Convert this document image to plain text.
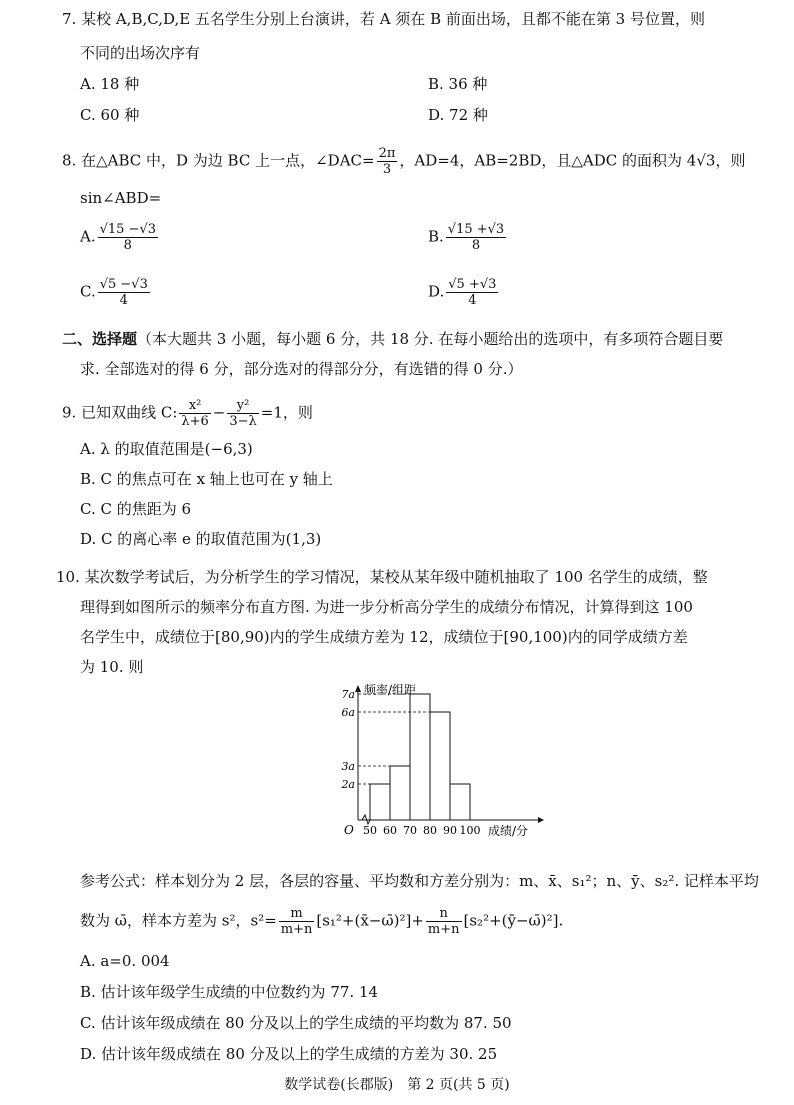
7. 某校 A,B,C,D,E 五名学生分别上台演讲，若 A 须在 B 前面出场，且都不能在第 3 号位置，则
不同的出场次序有
A. 18 种	B. 36 种
C. 60 种	D. 72 种
8. 在△ABC 中，D 为边 BC 上一点，∠DAC= $\frac{2\pi}{3}$ ，AD=4，AB=2BD，且△ADC 的面积为 4√3，则
sin∠ABD=
A. $\frac{√15 -√3}{8}$	B. $\frac{√15 +√3}{8}$
C. $\frac{√5 -√3}{4}$	D. $\frac{√5 +√3}{4}$
二、选择题（本大题共 3 小题，每小题 6 分，共 18 分. 在每小题给出的选项中，有多项符合题目要
求. 全部选对的得 6 分，部分选对的得部分分，有选错的得 0 分.）
9. 已知双曲线 C: $\frac{\text{x²}}{\lambda+6} - \frac{\text{y²}}{3-\lambda} =1$，则
A. λ 的取值范围是(−6,3)
B. C 的焦点可在 x 轴上也可在 y 轴上
C. C 的焦距为 6
D. C 的离心率 e 的取值范围为(1,3)
10. 某次数学考试后，为分析学生的学习情况，某校从某年级中随机抽取了 100 名学生的成绩，整
理得到如图所示的频率分布直方图. 为进一步分析高分学生的成绩分布情况，计算得到这 100
名学生中，成绩位于[80,90)内的学生成绩方差为 12，成绩位于[90,100)内的同学成绩方差
为 10. 则
2a
3a
6a
7a
50 60 70 80 90 100
频率/组距
成绩/分
O
参考公式：样本划分为 2 层，各层的容量、平均数和方差分别为：m、x̄、s₁²；n、ȳ、s₂². 记样本平均
数为 ω̄，样本方差为 s²，$s^2= \frac{m}{m+n}$ [s₁²+(x̄−ω̄)²]+ $\frac{n}{m+n}$ [s₂²+(ȳ−ω̄)²].
A. a=0. 004
B. 估计该年级学生成绩的中位数约为 77. 14
C. 估计该年级成绩在 80 分及以上的学生成绩的平均数为 87. 50
D. 估计该年级成绩在 80 分及以上的学生成绩的方差为 30. 25
数学试卷(长郡版)　第 2 页(共 5 页)
